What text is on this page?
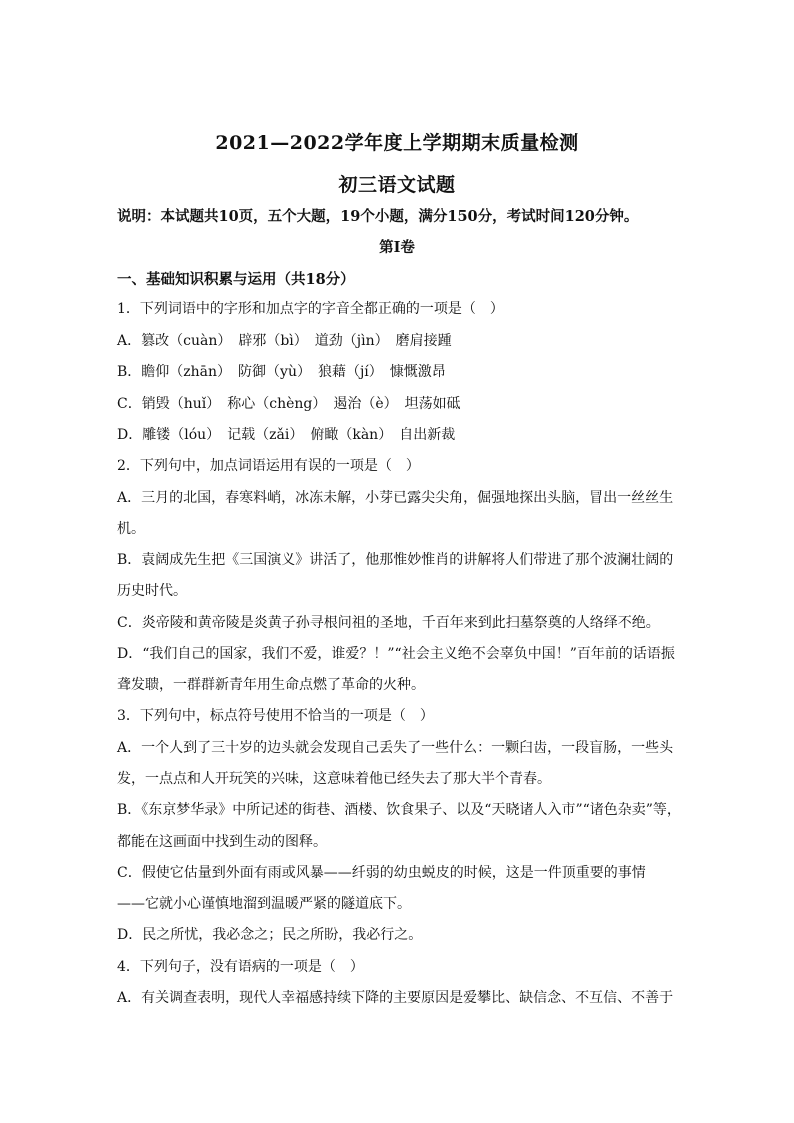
2021—2022学年度上学期期末质量检测
初三语文试题
说明：本试题共10页，五个大题，19个小题，满分150分，考试时间120分钟。
第Ⅰ卷
一、基础知识积累与运用（共18分）
1．下列词语中的字形和加点字的字音全都正确的一项是（　）
A．篡改（cuàn）　辟邪（bì）　道劲（jìn）　磨肩接踵
B．瞻仰（zhān）　防御（yù）　狼藉（jí）　慷慨激昂
C．销毁（huǐ）　称心（chèng）　遏治（è）　坦荡如砥
D．雕镂（lóu）　记载（zǎi）　俯瞰（kàn）　自出新裁
2．下列句中，加点词语运用有误的一项是（　）
A．三月的北国，春寒料峭，冰冻未解，小芽已露尖尖角，倔强地探出头脑，冒出一丝丝生
机。
B．袁阔成先生把《三国演义》讲活了，他那惟妙惟肖的讲解将人们带进了那个波澜壮阔的
历史时代。
C．炎帝陵和黄帝陵是炎黄子孙寻根问祖的圣地，千百年来到此扫墓祭奠的人络绎不绝。
D．“我们自己的国家，我们不爱，谁爱？！”“社会主义绝不会辜负中国！”百年前的话语振
聋发聩，一群群新青年用生命点燃了革命的火种。
3．下列句中，标点符号使用不恰当的一项是（　）
A．一个人到了三十岁的边头就会发现自己丢失了一些什么：一颗臼齿，一段盲肠，一些头
发，一点点和人开玩笑的兴味，这意味着他已经失去了那大半个青春。
B．《东京梦华录》中所记述的街巷、酒楼、饮食果子、以及“天晓诸人入市”“诸色杂卖”等，
都能在这画面中找到生动的图释。
C．假使它估量到外面有雨或风暴——纤弱的幼虫蜕皮的时候，这是一件顶重要的事情
——它就小心谨慎地溜到温暖严紧的隧道底下。
D．民之所忧，我必念之；民之所盼，我必行之。
4．下列句子，没有语病的一项是（　）
A．有关调查表明，现代人幸福感持续下降的主要原因是爱攀比、缺信念、不互信、不善于
